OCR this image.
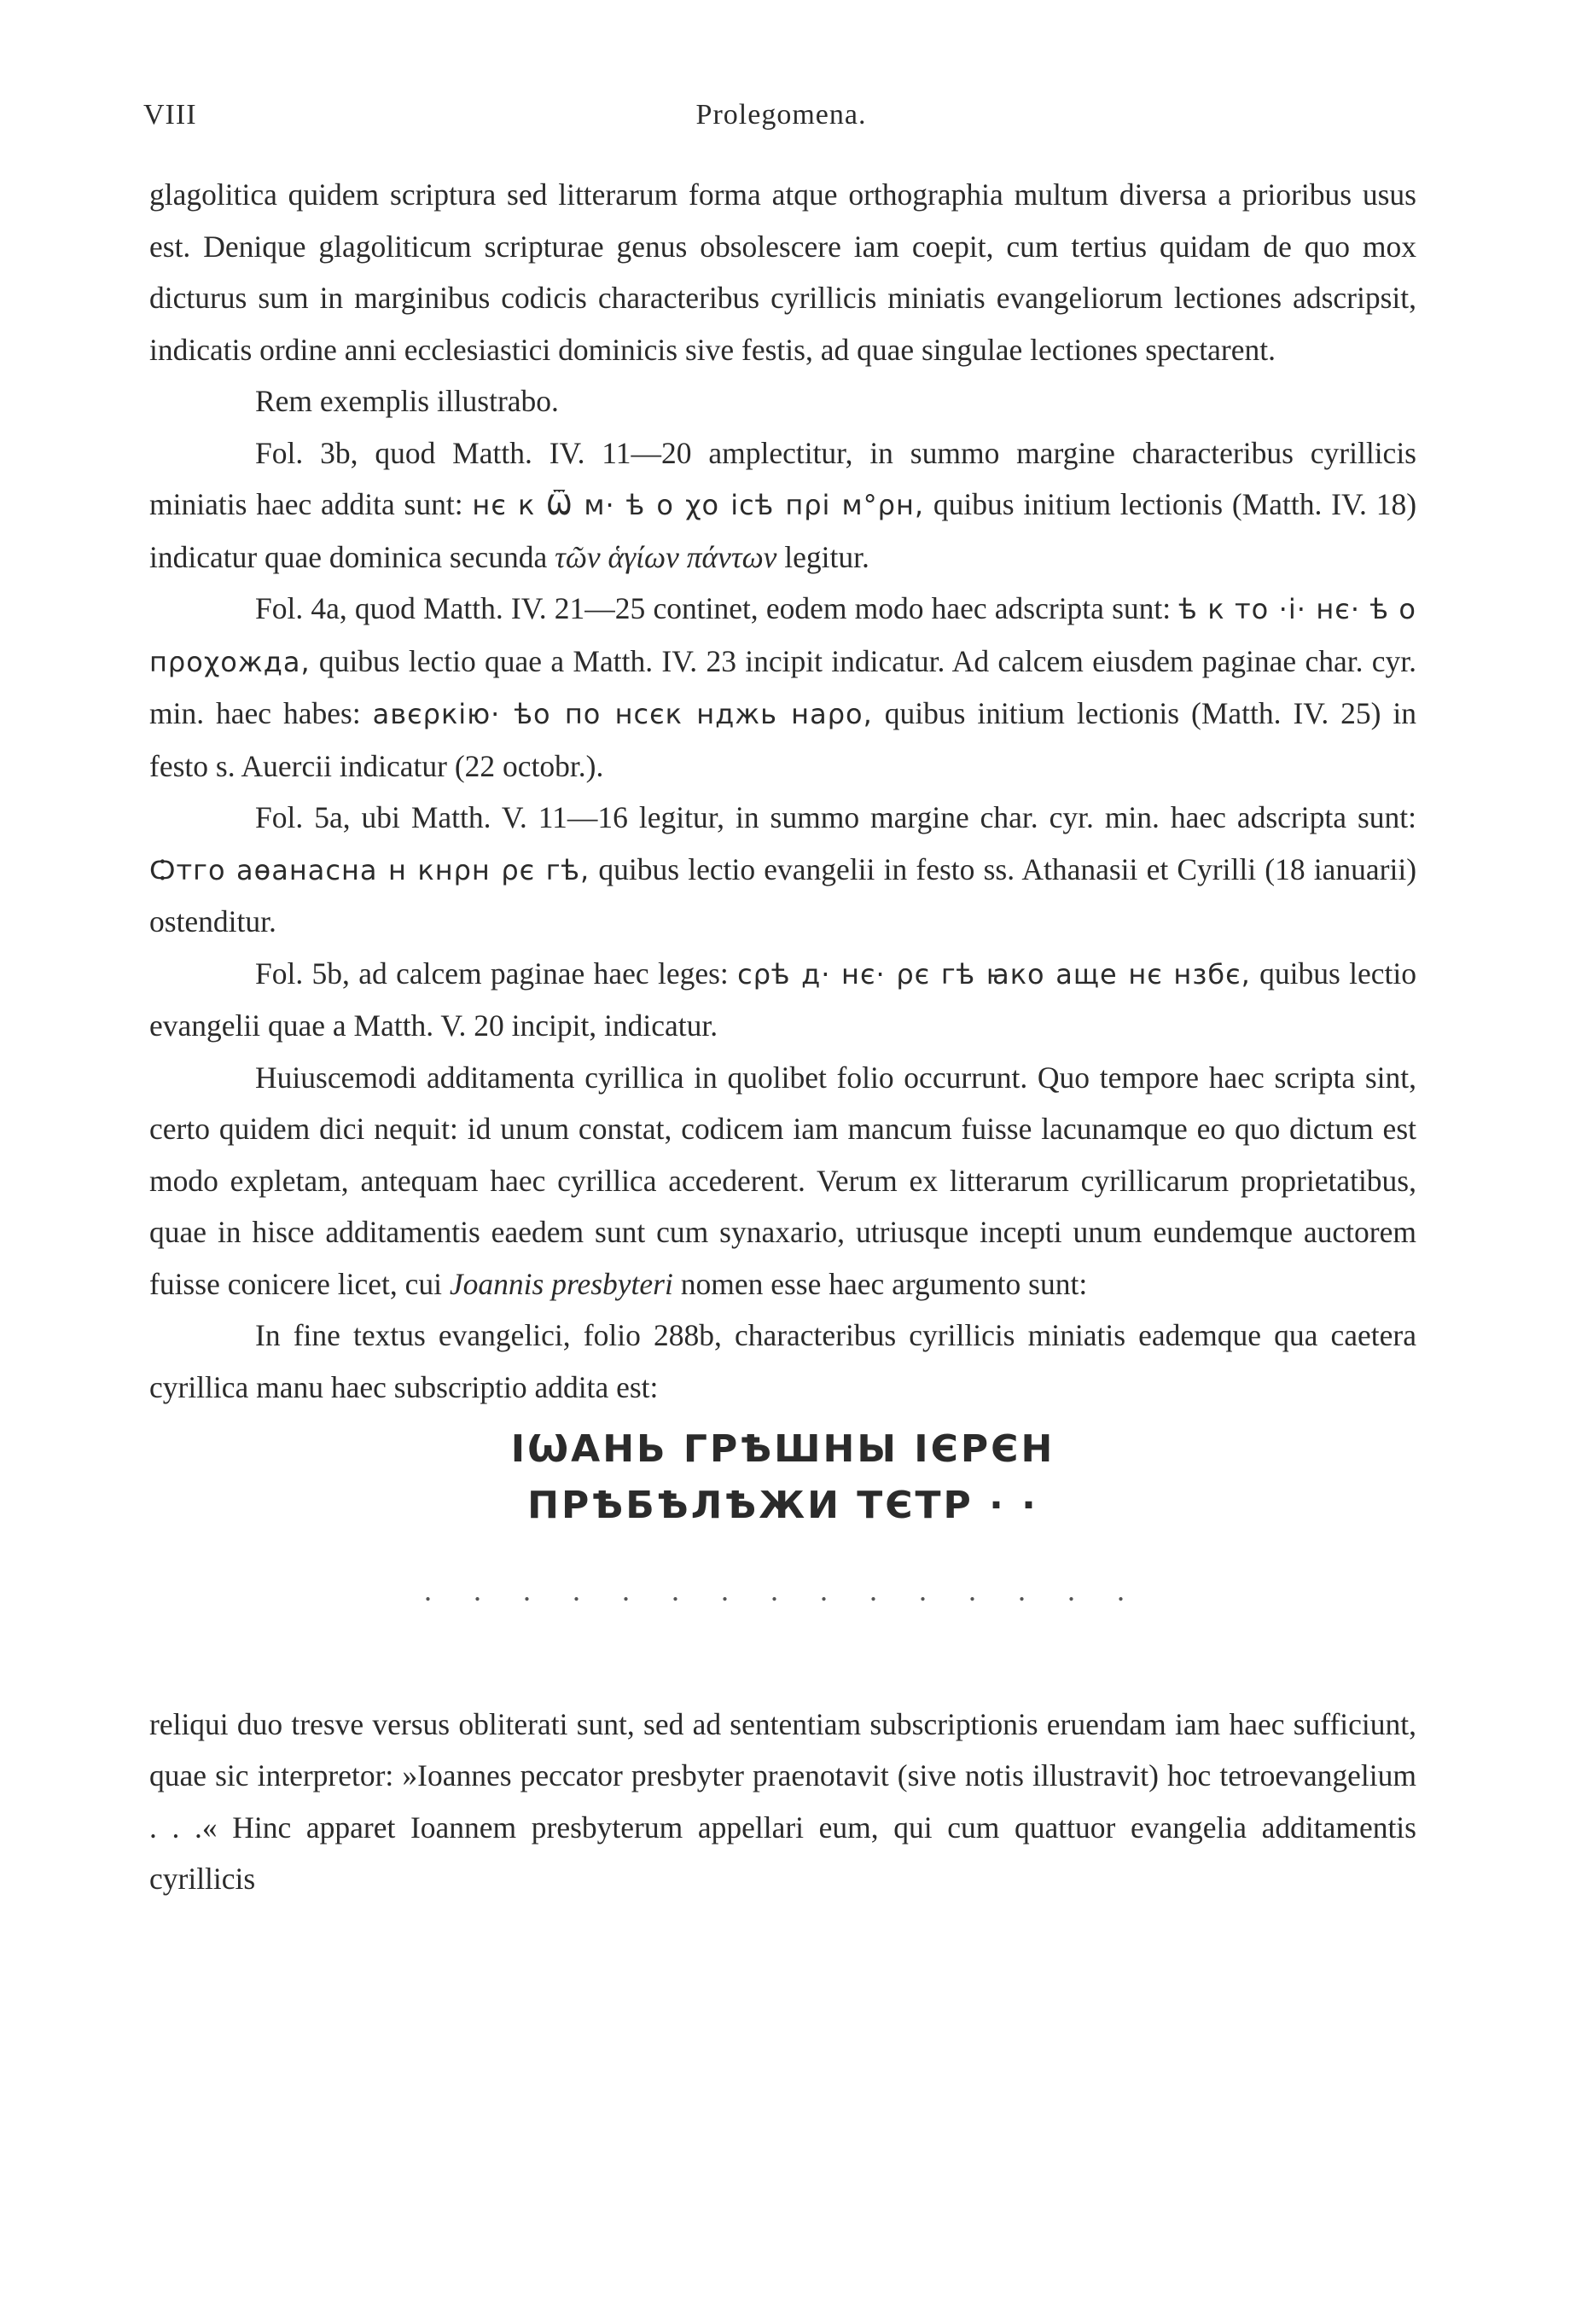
VIII	Prolegomena.

glagolitica quidem scriptura sed litterarum forma atque orthographia multum diversa a prioribus usus est. Denique glagoliticum scripturae genus obsolescere iam coepit, cum tertius quidam de quo mox dicturus sum in marginibus codicis characteribus cyrillicis miniatis evangeliorum lectiones adscripsit, indicatis ordine anni ecclesiastici dominicis sive festis, ad quae singulae lectiones spectarent.

Rem exemplis illustrabo.

Fol. 3b, quod Matth. IV. 11—20 amplectitur, in summo margine characteribus cyrillicis miniatis haec addita sunt: нє к Ѿ м· ѣ о χо ісѣ пρі м°ρн, quibus initium lectionis (Matth. IV. 18) indicatur quae dominica secunda τῶν ἁγίων πάντων legitur.

Fol. 4a, quod Matth. IV. 21—25 continet, eodem modo haec adscripta sunt: ѣ к то ·і· нє· ѣ о пρоχожда, quibus lectio quae a Matth. IV. 23 incipit indicatur. Ad calcem eiusdem paginae char. cyr. min. haec habes: авєρкію· ѣо по нсєк нджь наρо, quibus initium lectionis (Matth. IV. 25) in festo s. Auercii indicatur (22 octobr.).

Fol. 5a, ubi Matth. V. 11—16 legitur, in summo margine char. cyr. min. haec adscripta sunt: Ѻтго аѳанасна н кнρн ρє гѣ, quibus lectio evangelii in festo ss. Athanasii et Cyrilli (18 ianuarii) ostenditur.

Fol. 5b, ad calcem paginae haec leges: сρѣ д· нє· ρє гѣ ꙗко аще нє нзбє, quibus lectio evangelii quae a Matth. V. 20 incipit, indicatur.

Huiuscemodi additamenta cyrillica in quolibet folio occurrunt. Quo tempore haec scripta sint, certo quidem dici nequit: id unum constat, codicem iam mancum fuisse lacunamque eo quo dictum est modo expletam, antequam haec cyrillica accederent. Verum ex litterarum cyrillicarum proprietatibus, quae in hisce additamentis eaedem sunt cum synaxario, utriusque incepti unum eundemque auctorem fuisse conicere licet, cui Joannis presbyteri nomen esse haec argumento sunt:

In fine textus evangelici, folio 288b, characteribus cyrillicis miniatis eademque qua caetera cyrillica manu haec subscriptio addita est:

ІѠАНЬ ГРѢШНЫ ІЄРЄН
ПРѢБѢЛѢЖИ ТЄТР · ·
. . . . . . . . . . . . . . .

reliqui duo tresve versus obliterati sunt, sed ad sententiam subscriptionis eruendam iam haec sufficiunt, quae sic interpretor: »Ioannes peccator presbyter praenotavit (sive notis illustravit) hoc tetroevangelium . . .« Hinc apparet Ioannem presbyterum appellari eum, qui cum quattuor evangelia additamentis cyrillicis
